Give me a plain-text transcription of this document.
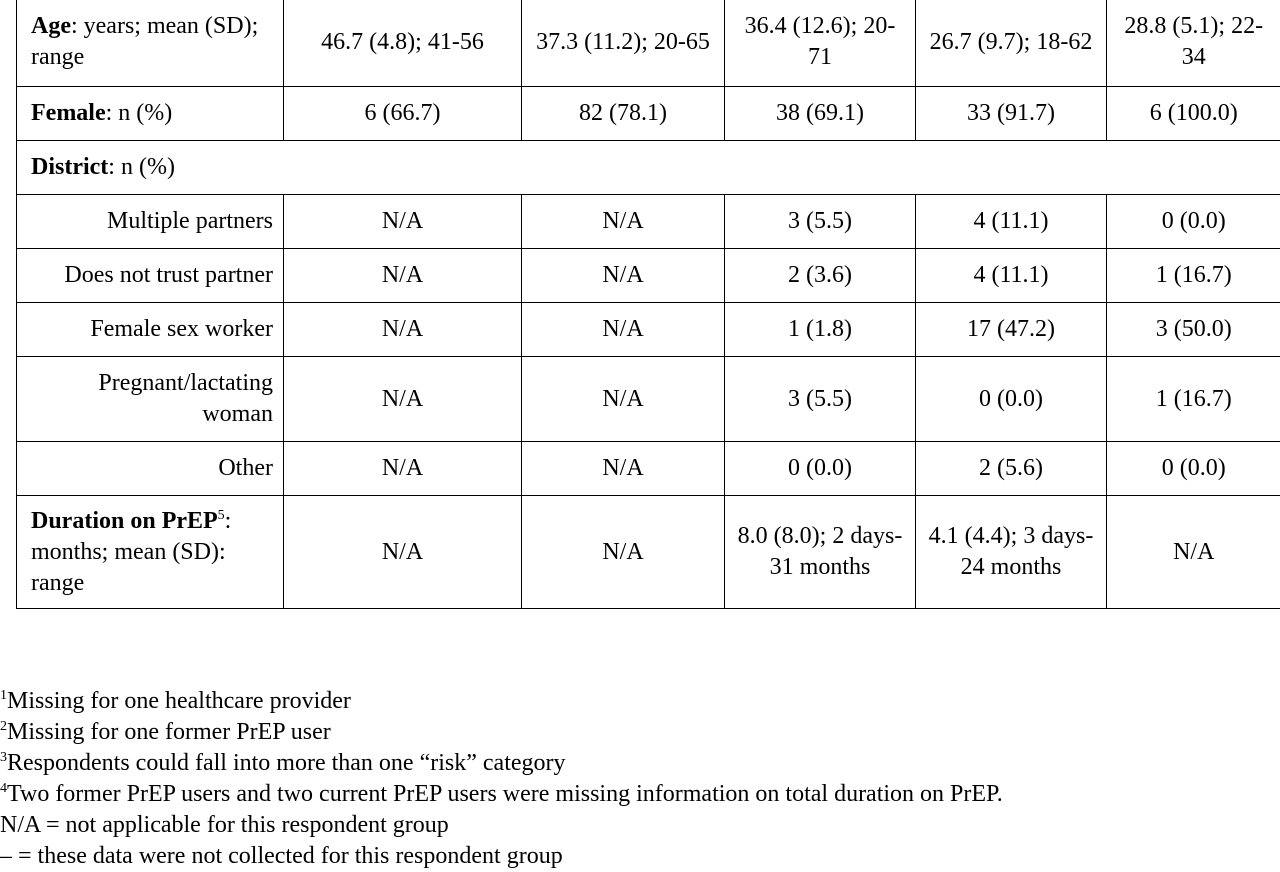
Age: years; mean (SD); range	46.7 (4.8); 41-56	37.3 (11.2); 20-65	36.4 (12.6); 20-71	26.7 (9.7); 18-62	28.8 (5.1); 22-34
Female: n (%)	6 (66.7)	82 (78.1)	38 (69.1)	33 (91.7)	6 (100.0)
District: n (%)					
Multiple partners	N/A	N/A	3 (5.5)	4 (11.1)	0 (0.0)
Does not trust partner	N/A	N/A	2 (3.6)	4 (11.1)	1 (16.7)
Female sex worker	N/A	N/A	1 (1.8)	17 (47.2)	3 (50.0)
Pregnant/lactating woman	N/A	N/A	3 (5.5)	0 (0.0)	1 (16.7)
Other	N/A	N/A	0 (0.0)	2 (5.6)	0 (0.0)
Duration on PrEP$^5$: months; mean (SD): range	N/A	N/A	8.0 (8.0); 2 days-31 months	4.1 (4.4); 3 days-24 months	N/A
$^1$Missing for one healthcare provider
$^2$Missing for one former PrEP user
$^3$Respondents could fall into more than one “risk” category
$^4$Two former PrEP users and two current PrEP users were missing information on total duration on PrEP.
N/A = not applicable for this respondent group
– = these data were not collected for this respondent group
